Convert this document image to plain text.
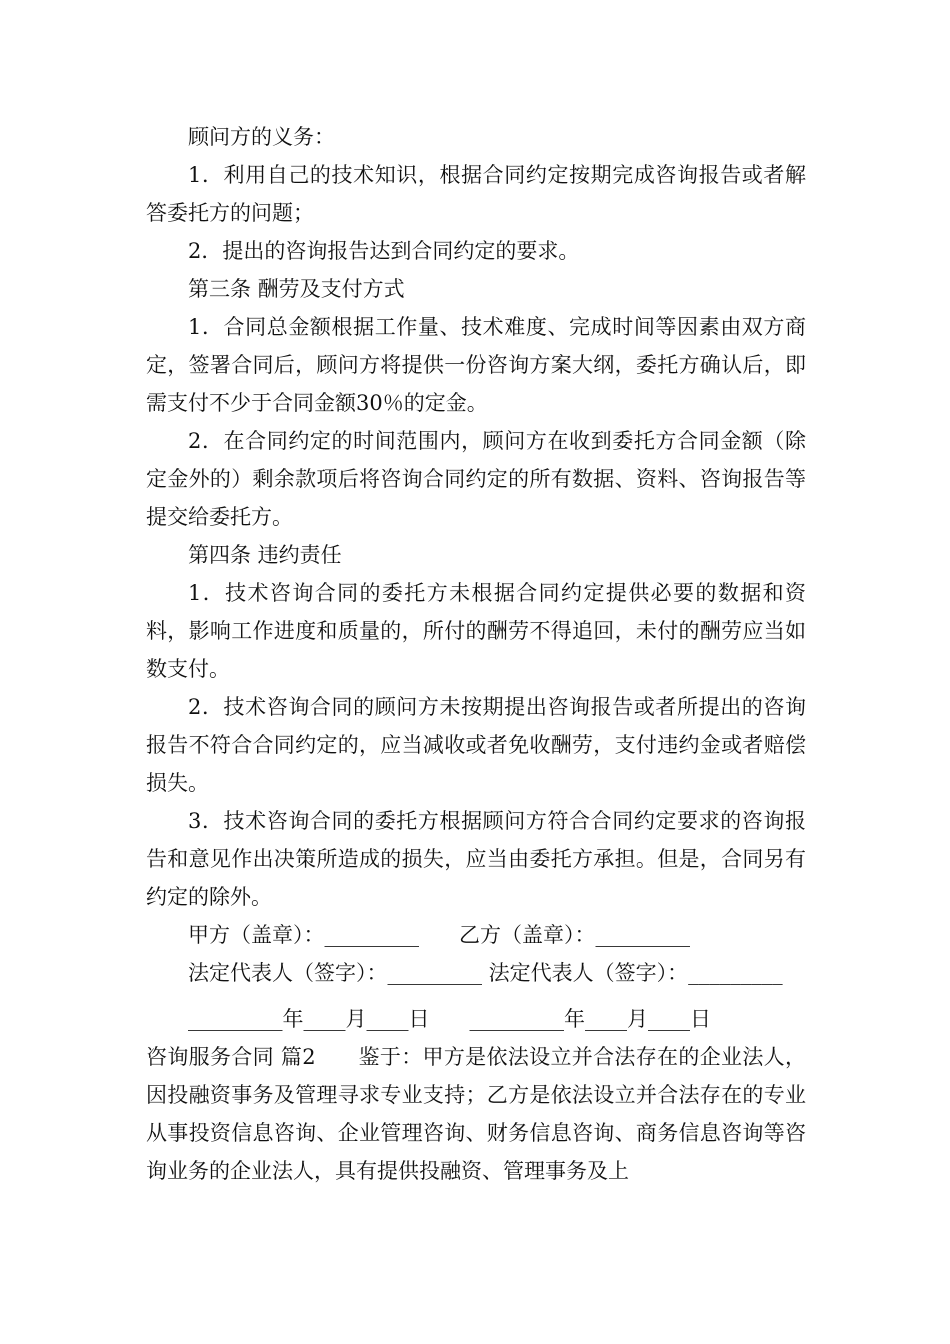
顾问方的义务：

1．利用自己的技术知识，根据合同约定按期完成咨询报告或者解答委托方的问题；

2．提出的咨询报告达到合同约定的要求。

第三条 酬劳及支付方式

1．合同总金额根据工作量、技术难度、完成时间等因素由双方商定，签署合同后，顾问方将提供一份咨询方案大纲，委托方确认后，即需支付不少于合同金额30％的定金。

2．在合同约定的时间范围内，顾问方在收到委托方合同金额（除定金外的）剩余款项后将咨询合同约定的所有数据、资料、咨询报告等提交给委托方。

第四条 违约责任

1．技术咨询合同的委托方未根据合同约定提供必要的数据和资料，影响工作进度和质量的，所付的酬劳不得追回，未付的酬劳应当如数支付。

2．技术咨询合同的顾问方未按期提出咨询报告或者所提出的咨询报告不符合合同约定的，应当减收或者免收酬劳，支付违约金或者赔偿损失。

3．技术咨询合同的委托方根据顾问方符合合同约定要求的咨询报告和意见作出决策所造成的损失，应当由委托方承担。但是，合同另有约定的除外。

甲方（盖章）：_________      乙方（盖章）：_________

法定代表人（签字）：_________ 法定代表人（签字）：_________

_________年____月____日      _________年____月____日

咨询服务合同 篇2　　鉴于：甲方是依法设立并合法存在的企业法人，因投融资事务及管理寻求专业支持；乙方是依法设立并合法存在的专业从事投资信息咨询、企业管理咨询、财务信息咨询、商务信息咨询等咨询业务的企业法人，具有提供投融资、管理事务及上
